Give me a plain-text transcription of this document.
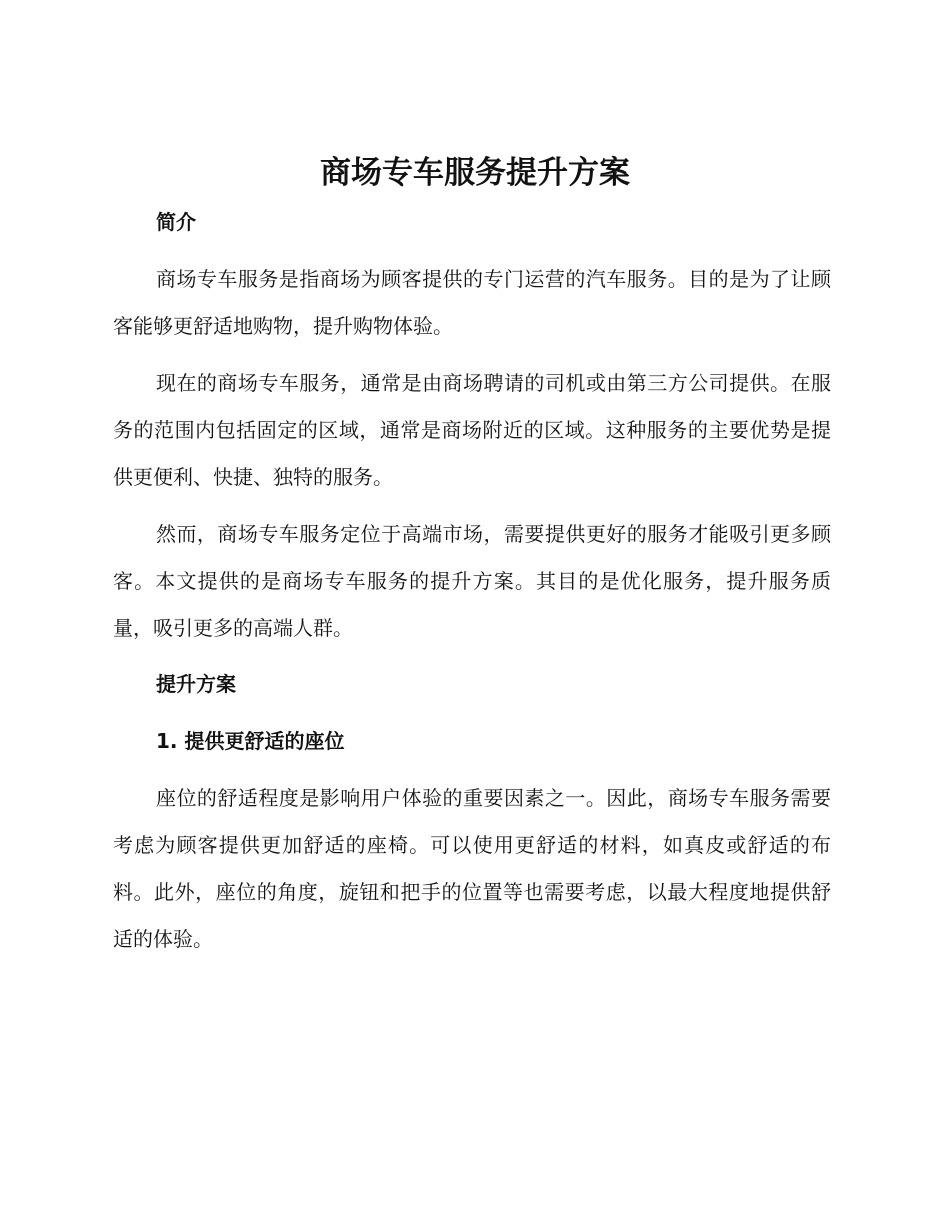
商场专车服务提升方案
简介

商场专车服务是指商场为顾客提供的专门运营的汽车服务。目的是为了让顾客能够更舒适地购物，提升购物体验。

现在的商场专车服务，通常是由商场聘请的司机或由第三方公司提供。在服务的范围内包括固定的区域，通常是商场附近的区域。这种服务的主要优势是提供更便利、快捷、独特的服务。

然而，商场专车服务定位于高端市场，需要提供更好的服务才能吸引更多顾客。本文提供的是商场专车服务的提升方案。其目的是优化服务，提升服务质量，吸引更多的高端人群。

提升方案
1. 提供更舒适的座位

座位的舒适程度是影响用户体验的重要因素之一。因此，商场专车服务需要考虑为顾客提供更加舒适的座椅。可以使用更舒适的材料，如真皮或舒适的布料。此外，座位的角度，旋钮和把手的位置等也需要考虑，以最大程度地提供舒适的体验。
